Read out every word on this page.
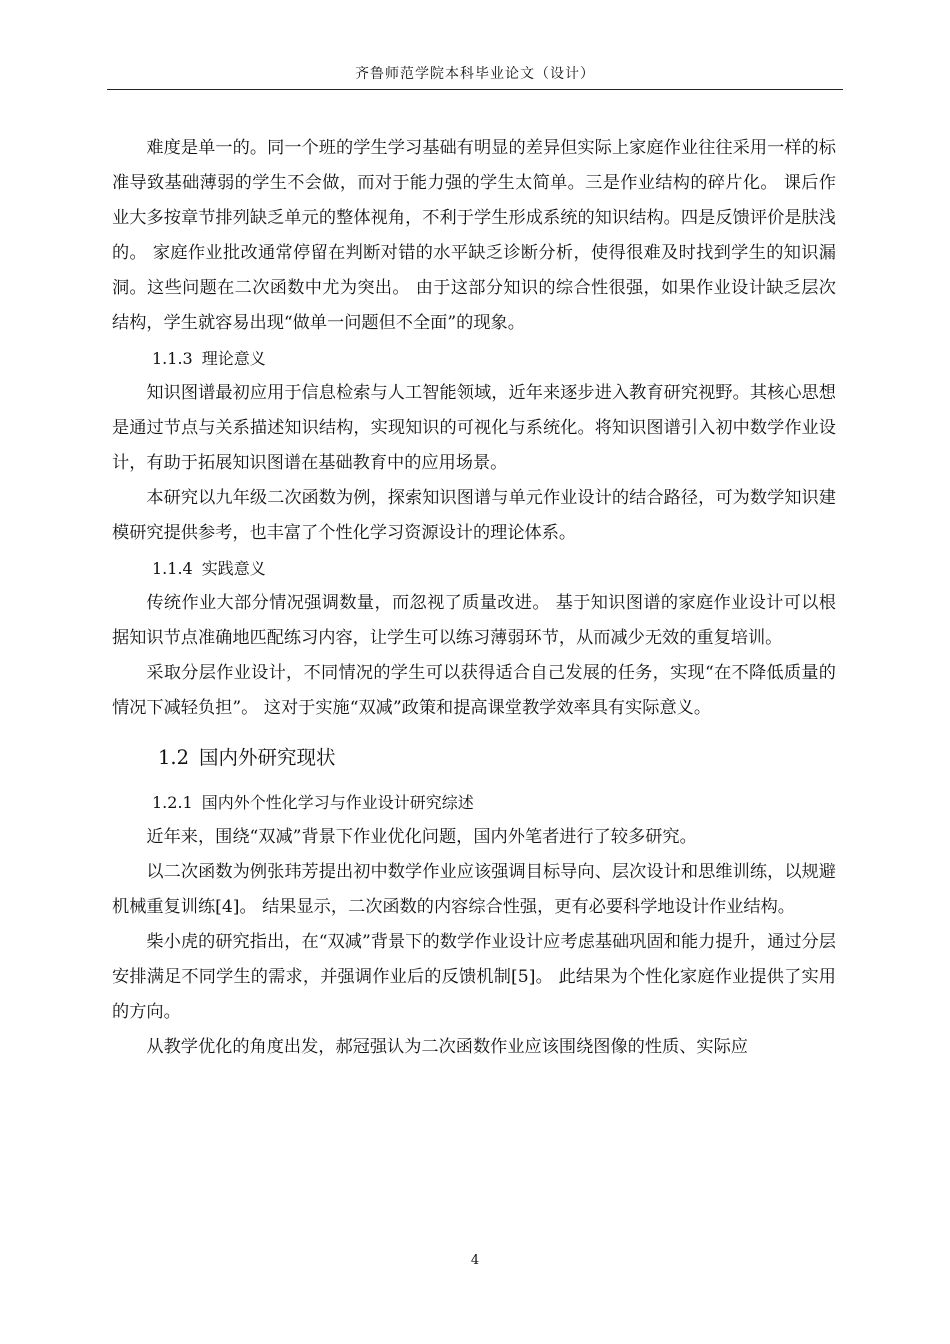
齐鲁师范学院本科毕业论文（设计）

难度是单一的。同一个班的学生学习基础有明显的差异但实际上家庭作业往往采用一样的标准导致基础薄弱的学生不会做，而对于能力强的学生太简单。三是作业结构的碎片化。 课后作业大多按章节排列缺乏单元的整体视角，不利于学生形成系统的知识结构。四是反馈评价是肤浅的。 家庭作业批改通常停留在判断对错的水平缺乏诊断分析，使得很难及时找到学生的知识漏洞。这些问题在二次函数中尤为突出。 由于这部分知识的综合性很强，如果作业设计缺乏层次结构，学生就容易出现“做单一问题但不全面”的现象。

1.1.3 理论意义

知识图谱最初应用于信息检索与人工智能领域，近年来逐步进入教育研究视野。其核心思想是通过节点与关系描述知识结构，实现知识的可视化与系统化。将知识图谱引入初中数学作业设计，有助于拓展知识图谱在基础教育中的应用场景。

本研究以九年级二次函数为例，探索知识图谱与单元作业设计的结合路径，可为数学知识建模研究提供参考，也丰富了个性化学习资源设计的理论体系。

1.1.4 实践意义

传统作业大部分情况强调数量，而忽视了质量改进。 基于知识图谱的家庭作业设计可以根据知识节点准确地匹配练习内容，让学生可以练习薄弱环节，从而减少无效的重复培训。

采取分层作业设计，不同情况的学生可以获得适合自己发展的任务，实现“在不降低质量的情况下减轻负担”。 这对于实施“双减”政策和提高课堂教学效率具有实际意义。

1.2 国内外研究现状
1.2.1 国内外个性化学习与作业设计研究综述

近年来，围绕“双减”背景下作业优化问题，国内外笔者进行了较多研究。

以二次函数为例张玮芳提出初中数学作业应该强调目标导向、层次设计和思维训练，以规避机械重复训练[4]。 结果显示，二次函数的内容综合性强，更有必要科学地设计作业结构。

柴小虎的研究指出，在“双减”背景下的数学作业设计应考虑基础巩固和能力提升，通过分层安排满足不同学生的需求，并强调作业后的反馈机制[5]。 此结果为个性化家庭作业提供了实用的方向。

从教学优化的角度出发，郝冠强认为二次函数作业应该围绕图像的性质、实际应

4
